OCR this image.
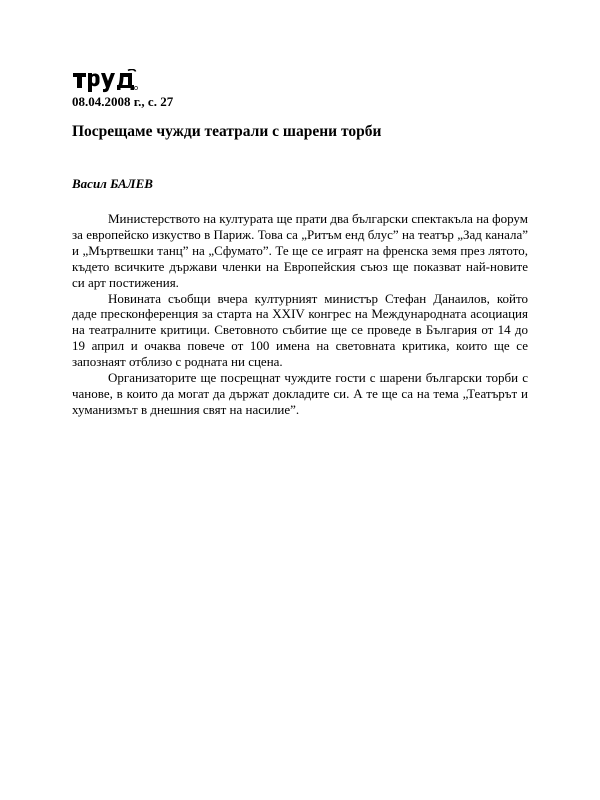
08.04.2008 г., с. 27
Посрещаме чужди театрали с шарени торби
Васил БАЛЕВ

Министерството на културата ще прати два български спектакъла на форум за европейско изкуство в Париж. Това са „Ритъм енд блус” на театър „Зад канала” и „Мъртвешки танц” на „Сфумато”. Те ще се играят на френска земя през лятото, където всичките държави членки на Европейския съюз ще показват най-новите си арт постижения.

Новината съобщи вчера културният министър Стефан Данаилов, който даде пресконференция за старта на XXIV конгрес на Международната асоциация на театралните критици. Световното събитие ще се проведе в България от 14 до 19 април и очаква повече от 100 имена на световната критика, които ще се запознаят отблизо с родната ни сцена.

Организаторите ще посрещнат чуждите гости с шарени български торби с чанове, в които да могат да държат докладите си. А те ще са на тема „Театърът и хуманизмът в днешния свят на насилие”.
